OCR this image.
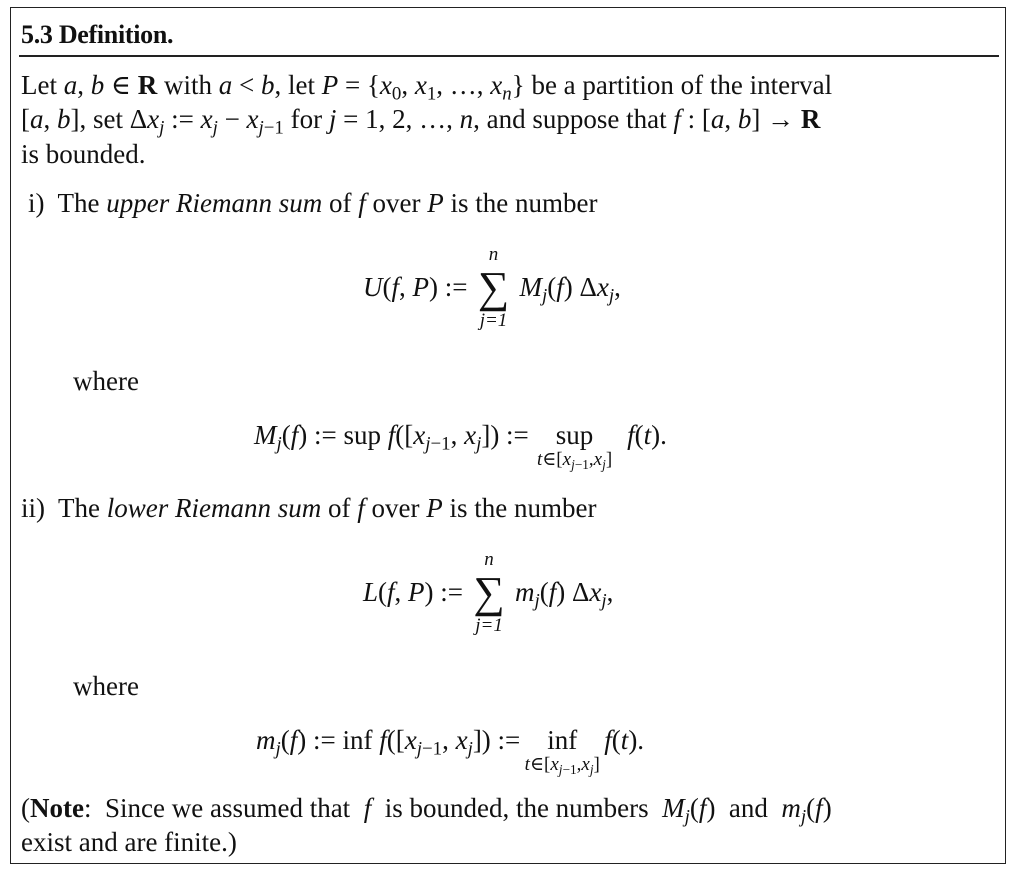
5.3 Definition.
Let a, b ∈ R with a < b, let $P = \{x_0$, $x_1$, …, $x_n$} be a partition of the interval
[a, b], set $\Delta x_j$ := $x_j - x_{j-1}$ for j = 1, 2, …, n, and suppose that f : [a, b] → R
is bounded.
i)  The upper Riemann sum of f over P is the number
U(f, P) :=
n
∑
j=1
$M_j(f)$ $\Delta x_j$,
where
$M_j(f)$ := sup $f([x_{j-1}$, $x_j$]) :=    sup
$t\in[x_{j-1},x_j]$
f(t).
ii)  The lower Riemann sum of f over P is the number
L(f, P) :=
n
∑
j=1
$m_j(f)$ $\Delta x_j$,
where
$m_j(f)$ := inf $f([x_{j-1}$, $x_j$]) :=    inf
$t\in[x_{j-1},x_j]$
f(t).
(Note:  Since we assumed that  f  is bounded, the numbers  $M_j(f)$  and  $m_j(f)$
exist and are finite.)
